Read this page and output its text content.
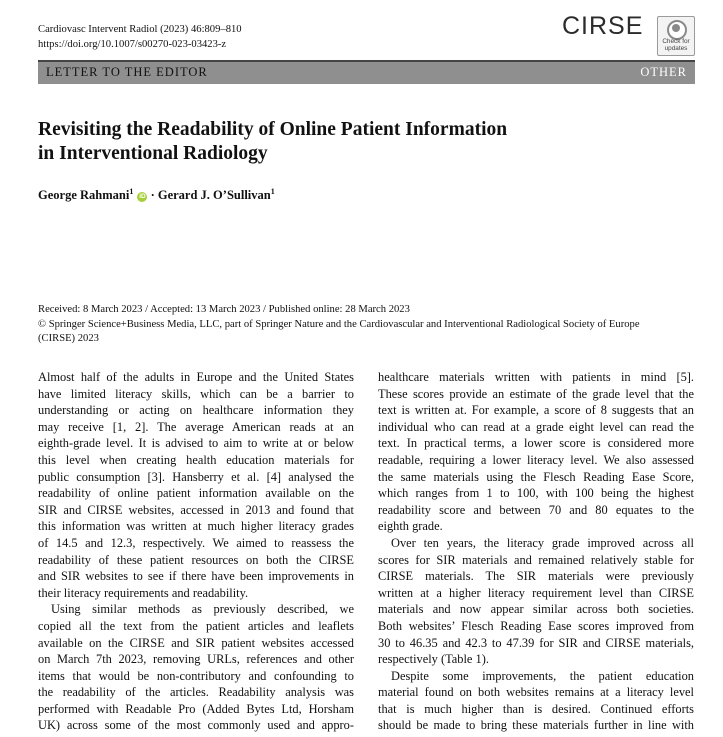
Cardiovasc Intervent Radiol (2023) 46:809–810
https://doi.org/10.1007/s00270-023-03423-z
CIRSE
Check for updates
LETTER TO THE EDITOR	OTHER
Revisiting the Readability of Online Patient Information
in Interventional Radiology
George Rahmani$^1$ iD · Gerard J. O’Sullivan$^1$
Received: 8 March 2023 / Accepted: 13 March 2023 / Published online: 28 March 2023
© Springer Science+Business Media, LLC, part of Springer Nature and the Cardiovascular and Interventional Radiological Society of Europe
(CIRSE) 2023
Almost half of the adults in Europe and the United States
have limited literacy skills, which can be a barrier to
understanding or acting on healthcare information they
may receive [1, 2]. The average American reads at an
eighth-grade level. It is advised to aim to write at or below
this level when creating health education materials for
public consumption [3]. Hansberry et al. [4] analysed the
readability of online patient information available on the
SIR and CIRSE websites, accessed in 2013 and found that
this information was written at much higher literacy grades
of 14.5 and 12.3, respectively. We aimed to reassess the
readability of these patient resources on both the CIRSE
and SIR websites to see if there have been improvements in
their literacy requirements and readability.
Using similar methods as previously described, we
copied all the text from the patient articles and leaflets
available on the CIRSE and SIR patient websites accessed
on March 7th 2023, removing URLs, references and other
items that would be non-contributory and confounding to
the readability of the articles. Readability analysis was
performed with Readable Pro (Added Bytes Ltd, Horsham
UK) across some of the most commonly used and appro-
healthcare materials written with patients in mind [5].
These scores provide an estimate of the grade level that the
text is written at. For example, a score of 8 suggests that an
individual who can read at a grade eight level can read the
text. In practical terms, a lower score is considered more
readable, requiring a lower literacy level. We also assessed
the same materials using the Flesch Reading Ease Score,
which ranges from 1 to 100, with 100 being the highest
readability score and between 70 and 80 equates to the
eighth grade.
Over ten years, the literacy grade improved across all
scores for SIR materials and remained relatively stable for
CIRSE materials. The SIR materials were previously
written at a higher literacy requirement level than CIRSE
materials and now appear similar across both societies.
Both websites’ Flesch Reading Ease scores improved from
30 to 46.35 and 42.3 to 47.39 for SIR and CIRSE materials,
respectively (Table 1).
Despite some improvements, the patient education
material found on both websites remains at a literacy level
that is much higher than is desired. Continued efforts
should be made to bring these materials further in line with
